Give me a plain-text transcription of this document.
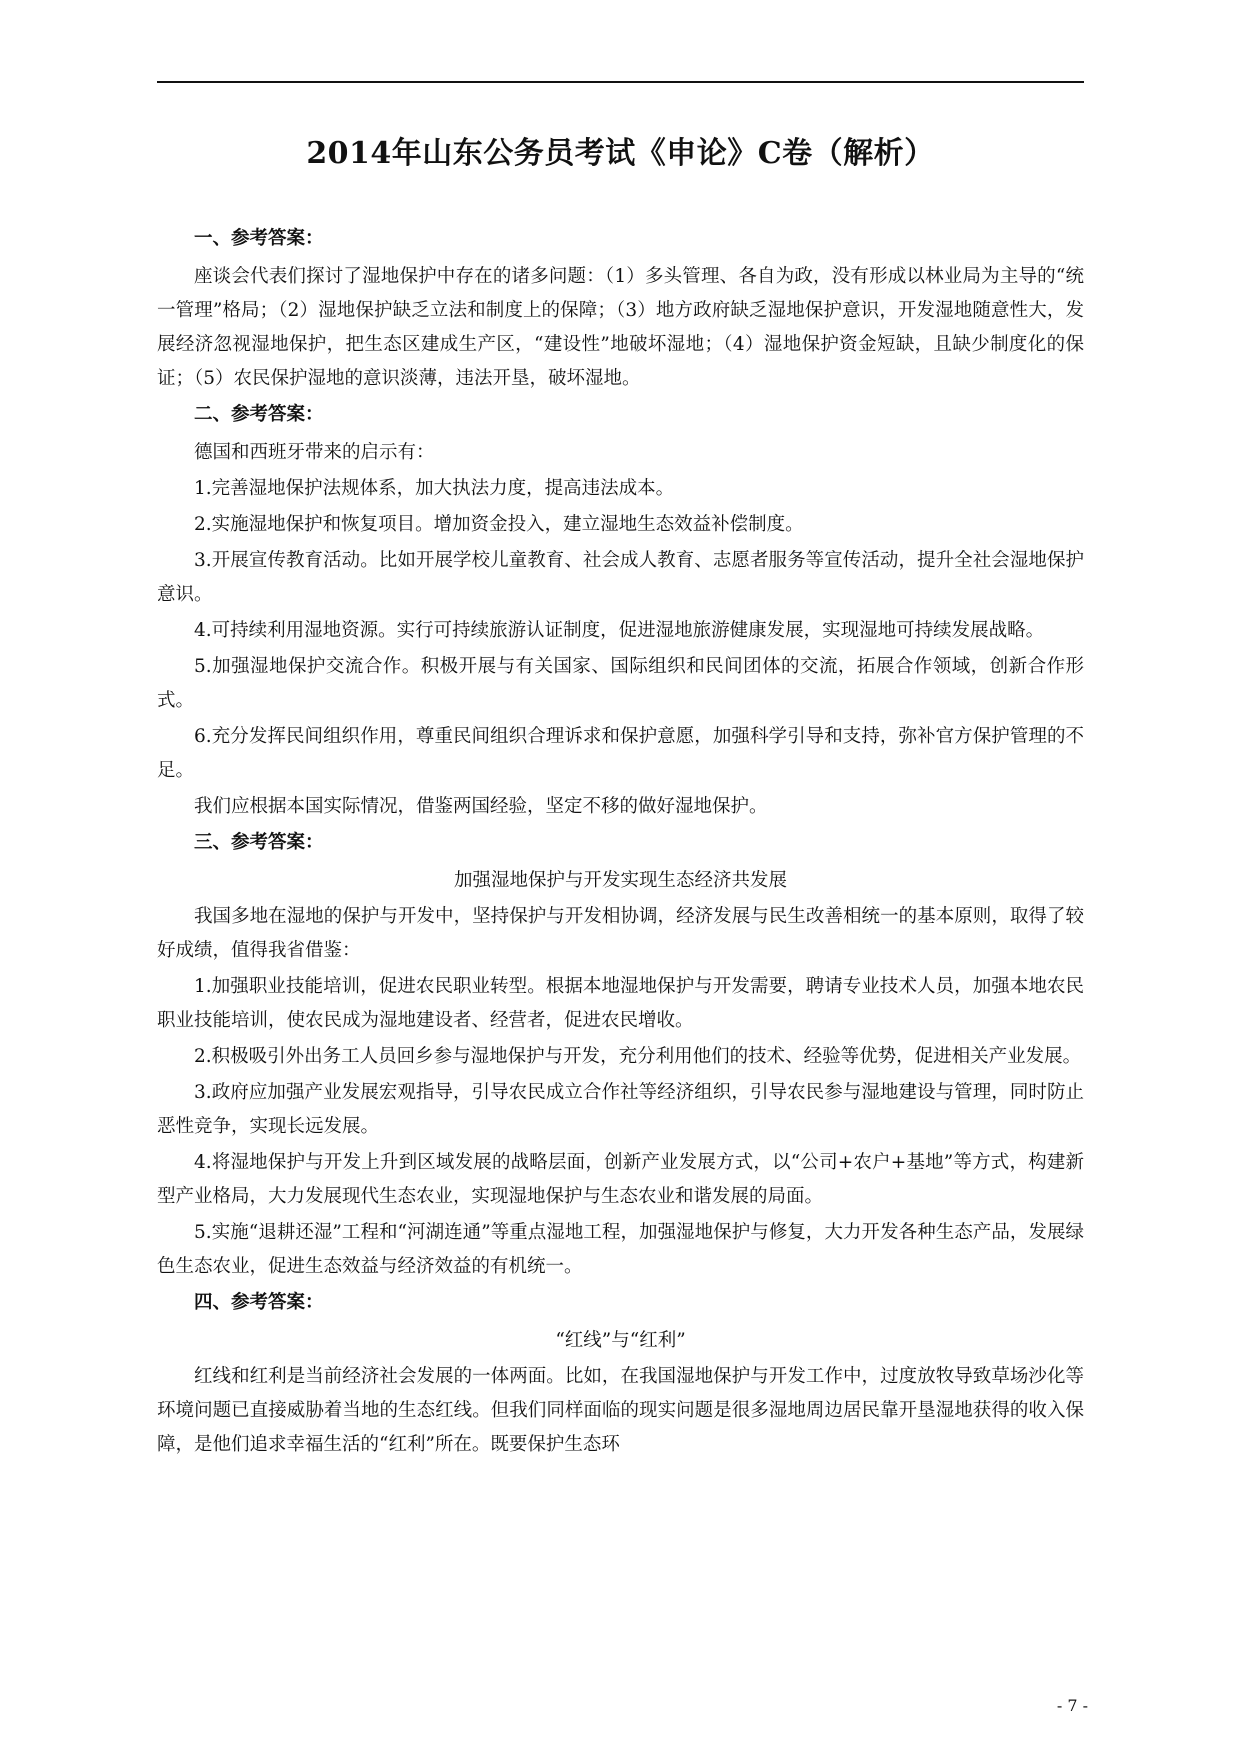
2014年山东公务员考试《申论》C卷（解析）

一、参考答案：

座谈会代表们探讨了湿地保护中存在的诸多问题：（1）多头管理、各自为政，没有形成以林业局为主导的“统一管理”格局；（2）湿地保护缺乏立法和制度上的保障；（3）地方政府缺乏湿地保护意识，开发湿地随意性大，发展经济忽视湿地保护，把生态区建成生产区，“建设性”地破坏湿地；（4）湿地保护资金短缺，且缺少制度化的保证；（5）农民保护湿地的意识淡薄，违法开垦，破坏湿地。

二、参考答案：

德国和西班牙带来的启示有：

1.完善湿地保护法规体系，加大执法力度，提高违法成本。

2.实施湿地保护和恢复项目。增加资金投入，建立湿地生态效益补偿制度。

3.开展宣传教育活动。比如开展学校儿童教育、社会成人教育、志愿者服务等宣传活动，提升全社会湿地保护意识。

4.可持续利用湿地资源。实行可持续旅游认证制度，促进湿地旅游健康发展，实现湿地可持续发展战略。

5.加强湿地保护交流合作。积极开展与有关国家、国际组织和民间团体的交流，拓展合作领域，创新合作形式。

6.充分发挥民间组织作用，尊重民间组织合理诉求和保护意愿，加强科学引导和支持，弥补官方保护管理的不足。

我们应根据本国实际情况，借鉴两国经验，坚定不移的做好湿地保护。

三、参考答案：

加强湿地保护与开发实现生态经济共发展

我国多地在湿地的保护与开发中，坚持保护与开发相协调，经济发展与民生改善相统一的基本原则，取得了较好成绩，值得我省借鉴：

1.加强职业技能培训，促进农民职业转型。根据本地湿地保护与开发需要，聘请专业技术人员，加强本地农民职业技能培训，使农民成为湿地建设者、经营者，促进农民增收。

2.积极吸引外出务工人员回乡参与湿地保护与开发，充分利用他们的技术、经验等优势，促进相关产业发展。

3.政府应加强产业发展宏观指导，引导农民成立合作社等经济组织，引导农民参与湿地建设与管理，同时防止恶性竞争，实现长远发展。

4.将湿地保护与开发上升到区域发展的战略层面，创新产业发展方式，以“公司+农户+基地”等方式，构建新型产业格局，大力发展现代生态农业，实现湿地保护与生态农业和谐发展的局面。

5.实施“退耕还湿”工程和“河湖连通”等重点湿地工程，加强湿地保护与修复，大力开发各种生态产品，发展绿色生态农业，促进生态效益与经济效益的有机统一。

四、参考答案：

“红线”与“红利”

红线和红利是当前经济社会发展的一体两面。比如，在我国湿地保护与开发工作中，过度放牧导致草场沙化等环境问题已直接威胁着当地的生态红线。但我们同样面临的现实问题是很多湿地周边居民靠开垦湿地获得的收入保障，是他们追求幸福生活的“红利”所在。既要保护生态环

- 7 -
